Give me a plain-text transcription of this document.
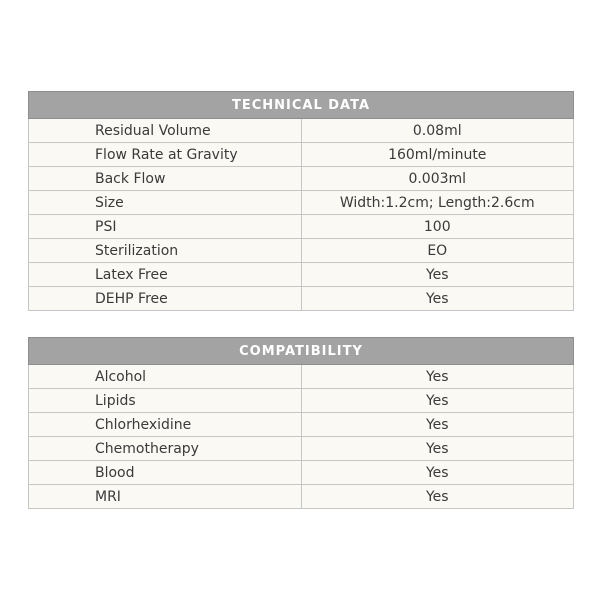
TECHNICAL DATA	
Residual Volume	0.08ml
Flow Rate at Gravity	160ml/minute
Back Flow	0.003ml
Size	Width:1.2cm; Length:2.6cm
PSI	100
Sterilization	EO
Latex Free	Yes
DEHP Free	Yes
COMPATIBILITY	
Alcohol	Yes
Lipids	Yes
Chlorhexidine	Yes
Chemotherapy	Yes
Blood	Yes
MRI	Yes
